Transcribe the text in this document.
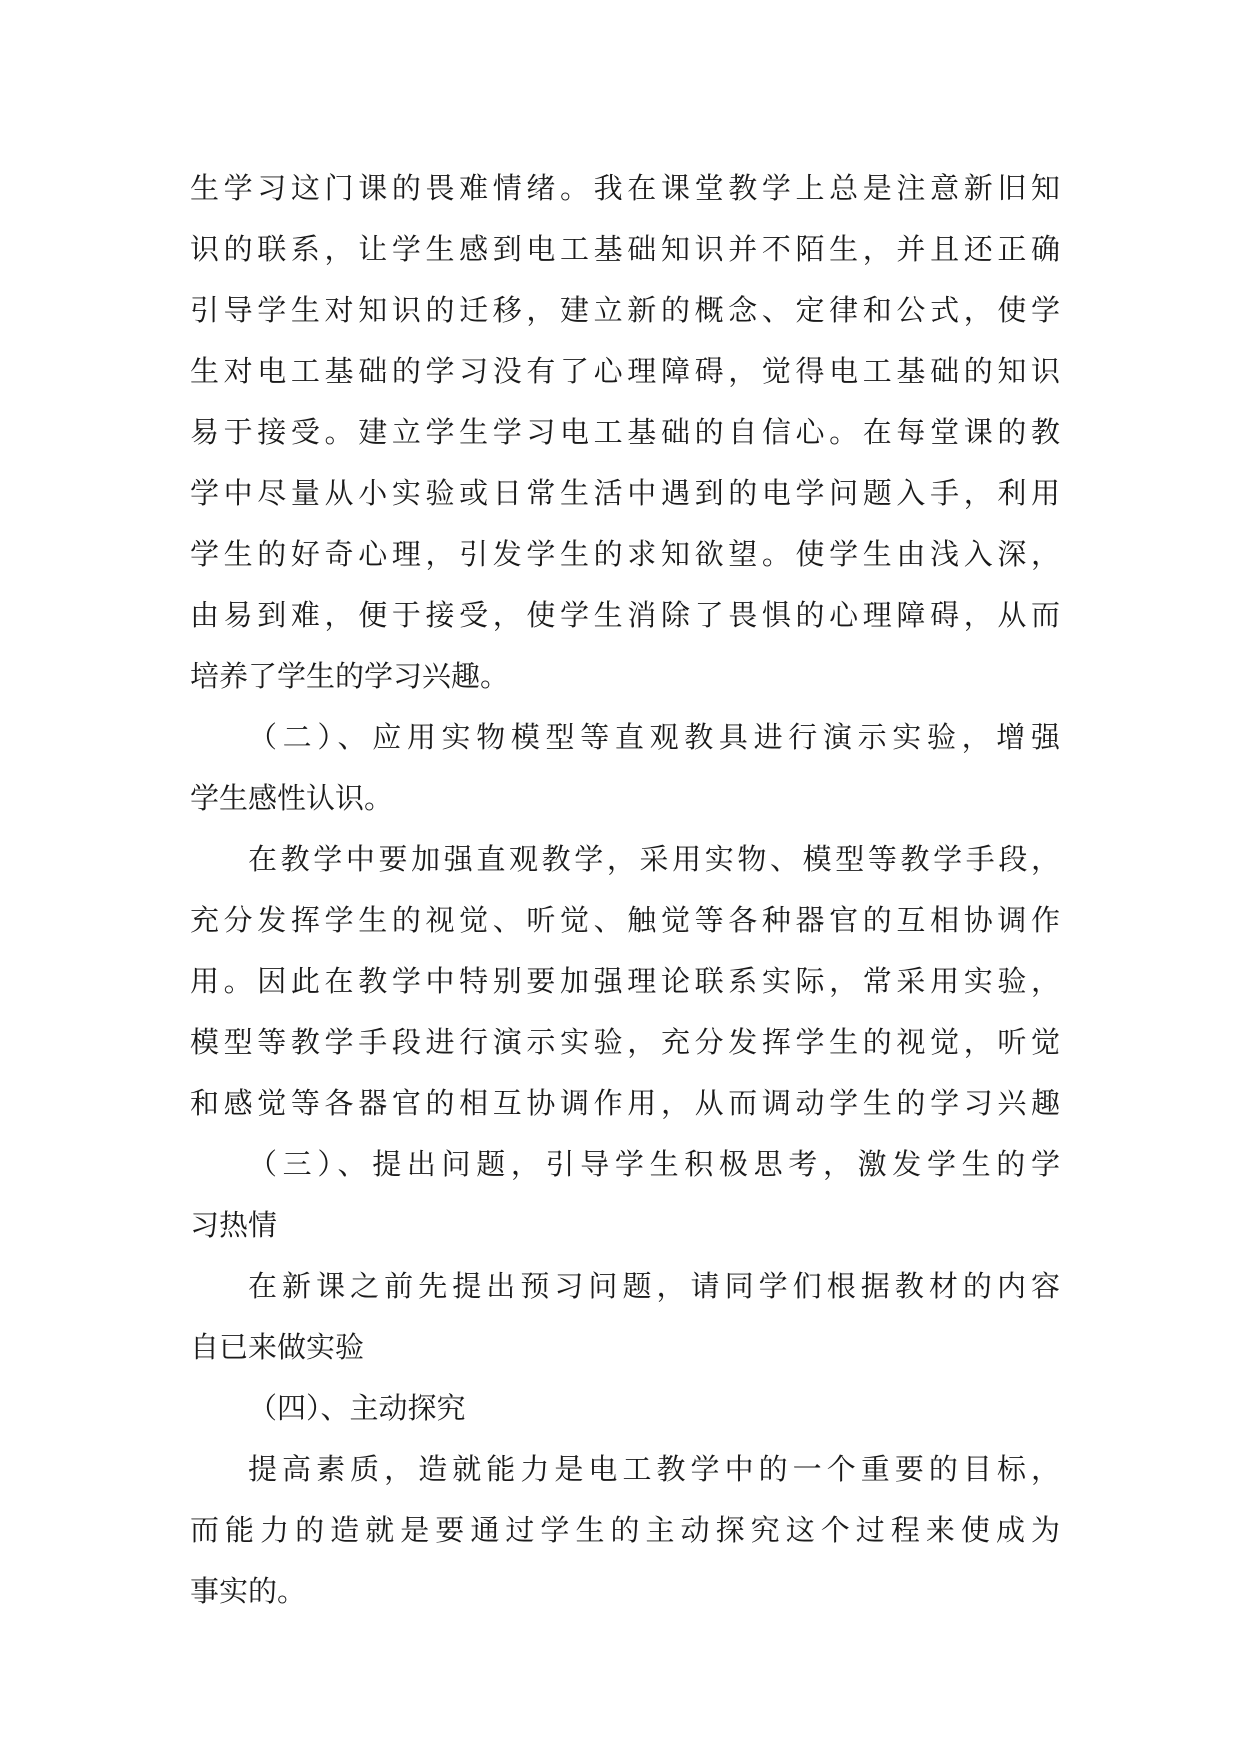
生学习这门课的畏难情绪。我在课堂教学上总是注意新旧知
识的联系，让学生感到电工基础知识并不陌生，并且还正确
引导学生对知识的迁移，建立新的概念、定律和公式，使学
生对电工基础的学习没有了心理障碍，觉得电工基础的知识
易于接受。建立学生学习电工基础的自信心。在每堂课的教
学中尽量从小实验或日常生活中遇到的电学问题入手，利用
学生的好奇心理，引发学生的求知欲望。使学生由浅入深，
由易到难，便于接受，使学生消除了畏惧的心理障碍，从而
培养了学生的学习兴趣。
（二）、应用实物模型等直观教具进行演示实验，增强
学生感性认识。
在教学中要加强直观教学，采用实物、模型等教学手段，
充分发挥学生的视觉、听觉、触觉等各种器官的互相协调作
用。因此在教学中特别要加强理论联系实际，常采用实验，
模型等教学手段进行演示实验，充分发挥学生的视觉，听觉
和感觉等各器官的相互协调作用，从而调动学生的学习兴趣
（三）、提出问题，引导学生积极思考，激发学生的学
习热情
在新课之前先提出预习问题，请同学们根据教材的内容
自已来做实验
（四）、主动探究
提高素质，造就能力是电工教学中的一个重要的目标，
而能力的造就是要通过学生的主动探究这个过程来使成为
事实的。
